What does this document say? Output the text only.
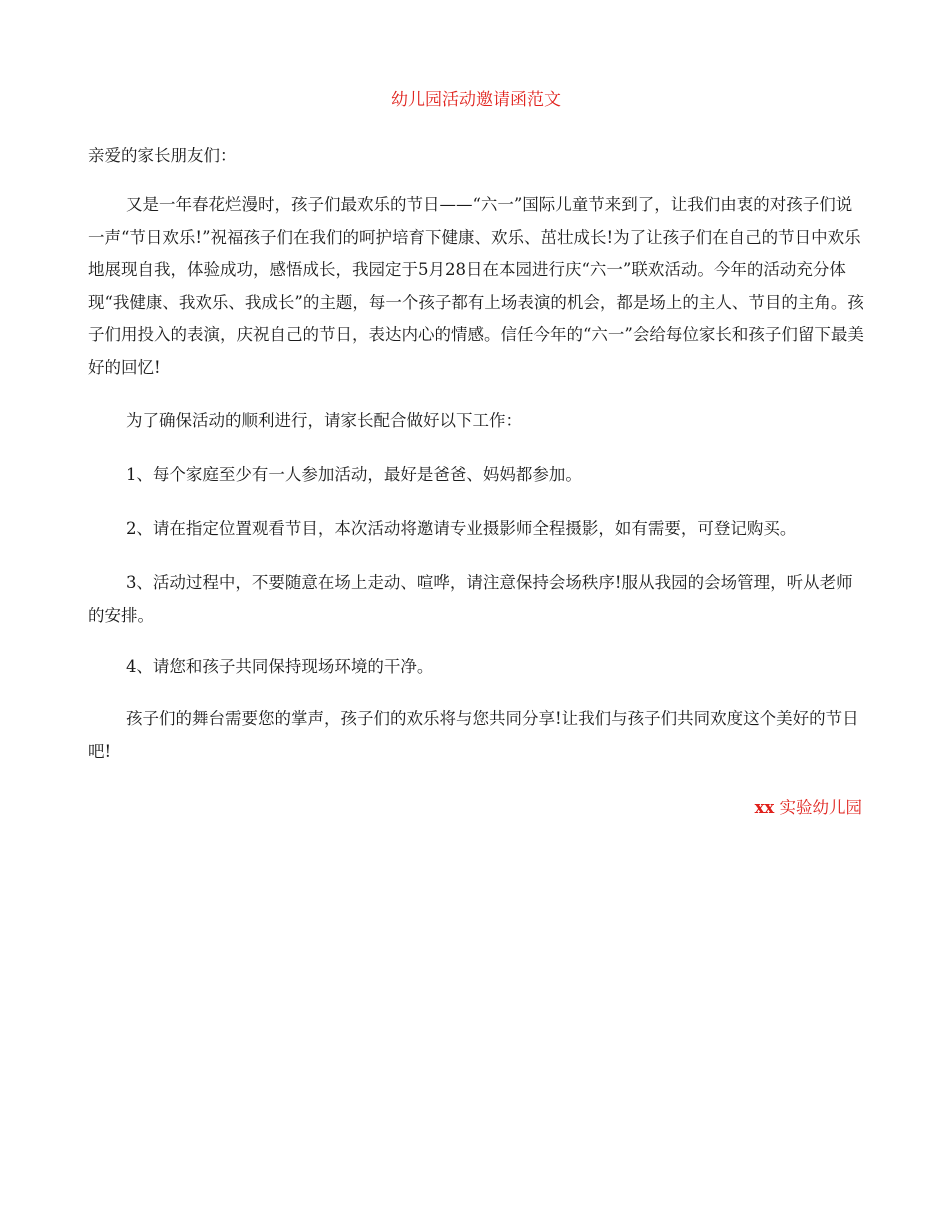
幼儿园活动邀请函范文

亲爱的家长朋友们：

又是一年春花烂漫时，孩子们最欢乐的节日——“六一”国际儿童节来到了，让我们由衷的对孩子们说一声“节日欢乐!”祝福孩子们在我们的呵护培育下健康、欢乐、茁壮成长!为了让孩子们在自己的节日中欢乐地展现自我，体验成功，感悟成长，我园定于5月28日在本园进行庆“六一”联欢活动。今年的活动充分体现“我健康、我欢乐、我成长”的主题，每一个孩子都有上场表演的机会，都是场上的主人、节目的主角。孩子们用投入的表演，庆祝自己的节日，表达内心的情感。信任今年的“六一”会给每位家长和孩子们留下最美好的回忆!

为了确保活动的顺利进行，请家长配合做好以下工作：

1、每个家庭至少有一人参加活动，最好是爸爸、妈妈都参加。

2、请在指定位置观看节目，本次活动将邀请专业摄影师全程摄影，如有需要，可登记购买。

3、活动过程中，不要随意在场上走动、喧哗，请注意保持会场秩序!服从我园的会场管理，听从老师的安排。

4、请您和孩子共同保持现场环境的干净。

孩子们的舞台需要您的掌声，孩子们的欢乐将与您共同分享!让我们与孩子们共同欢度这个美好的节日吧!

xx 实验幼儿园
